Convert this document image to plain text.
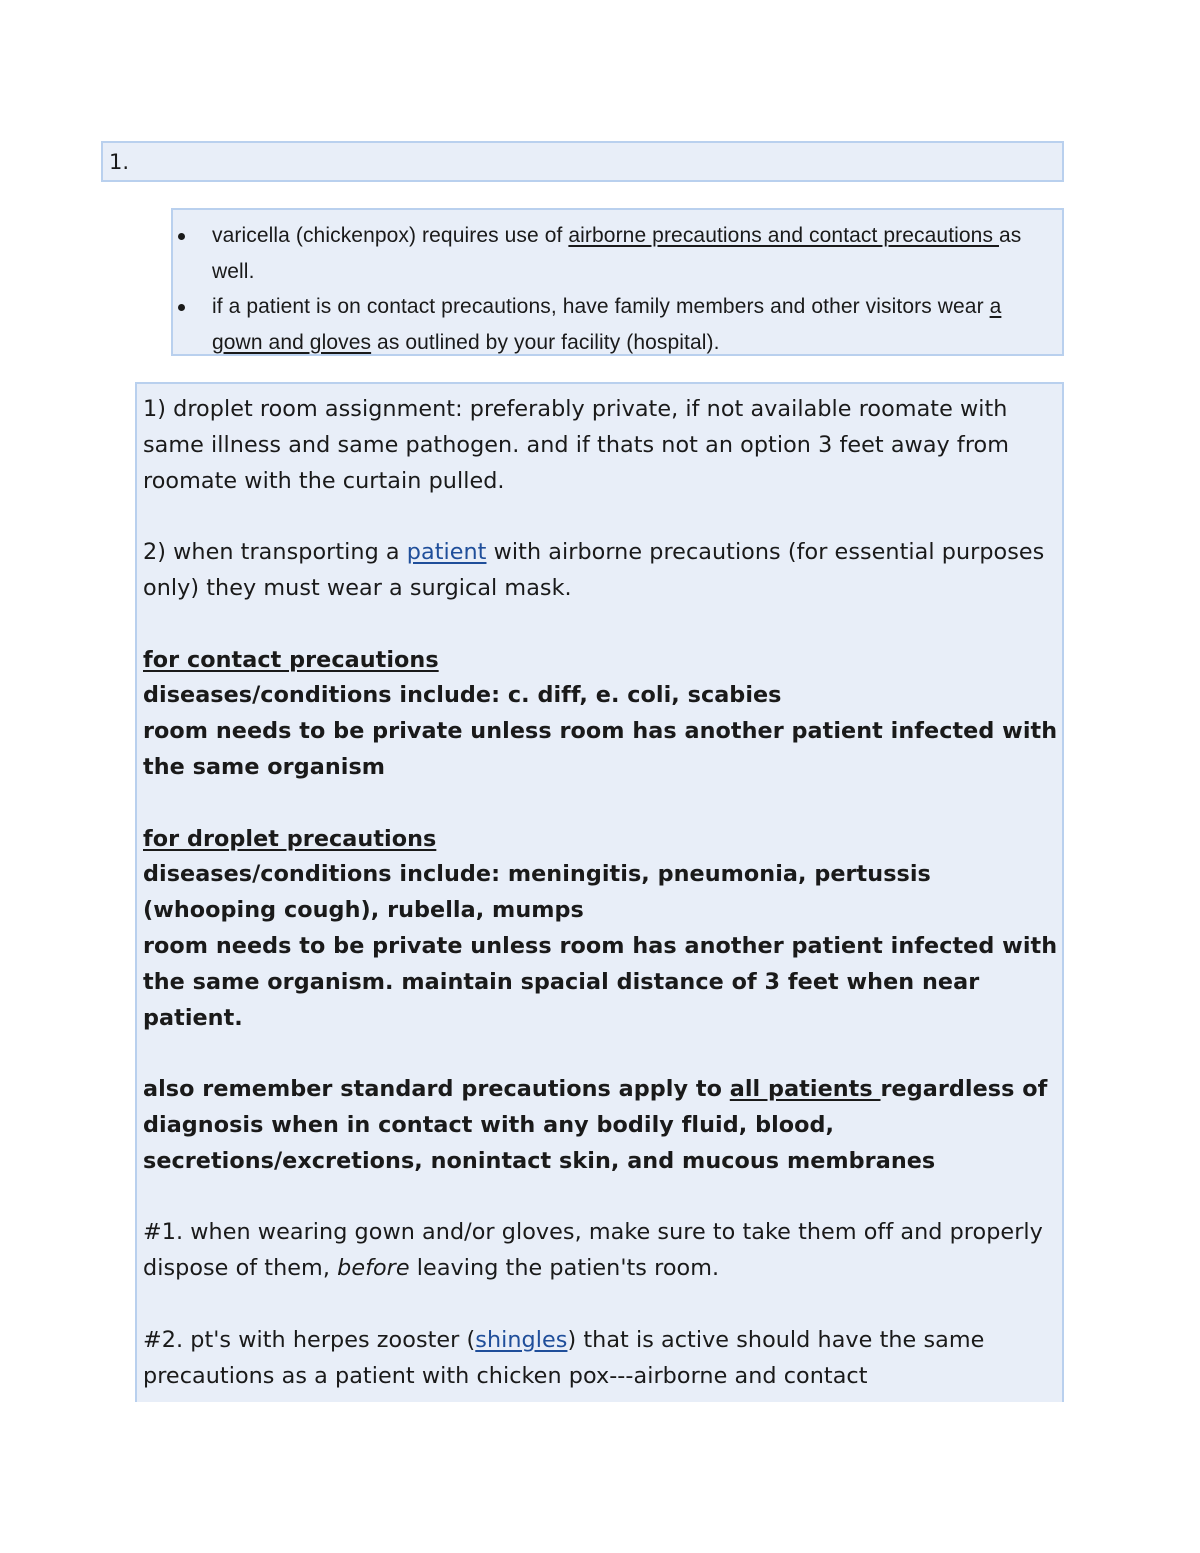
1.
varicella (chickenpox) requires use of airborne precautions and contact precautions as well.
if a patient is on contact precautions, have family members and other visitors wear a gown and gloves as outlined by your facility (hospital).

1) droplet room assignment: preferably private, if not available roomate with same illness and same pathogen. and if thats not an option 3 feet away from roomate with the curtain pulled.

2) when transporting a patient with airborne precautions (for essential purposes only) they must wear a surgical mask.

for contact precautions
diseases/conditions include: c. diff, e. coli, scabies
room needs to be private unless room has another patient infected with the same organism

for droplet precautions
diseases/conditions include: meningitis, pneumonia, pertussis (whooping cough), rubella, mumps
room needs to be private unless room has another patient infected with the same organism. maintain spacial distance of 3 feet when near patient.

also remember standard precautions apply to all patients regardless of diagnosis when in contact with any bodily fluid, blood, secretions/excretions, nonintact skin, and mucous membranes

#1. when wearing gown and/or gloves, make sure to take them off and properly dispose of them, before leaving the patien'ts room.

#2. pt's with herpes zooster (shingles) that is active should have the same precautions as a patient with chicken pox---airborne and contact
